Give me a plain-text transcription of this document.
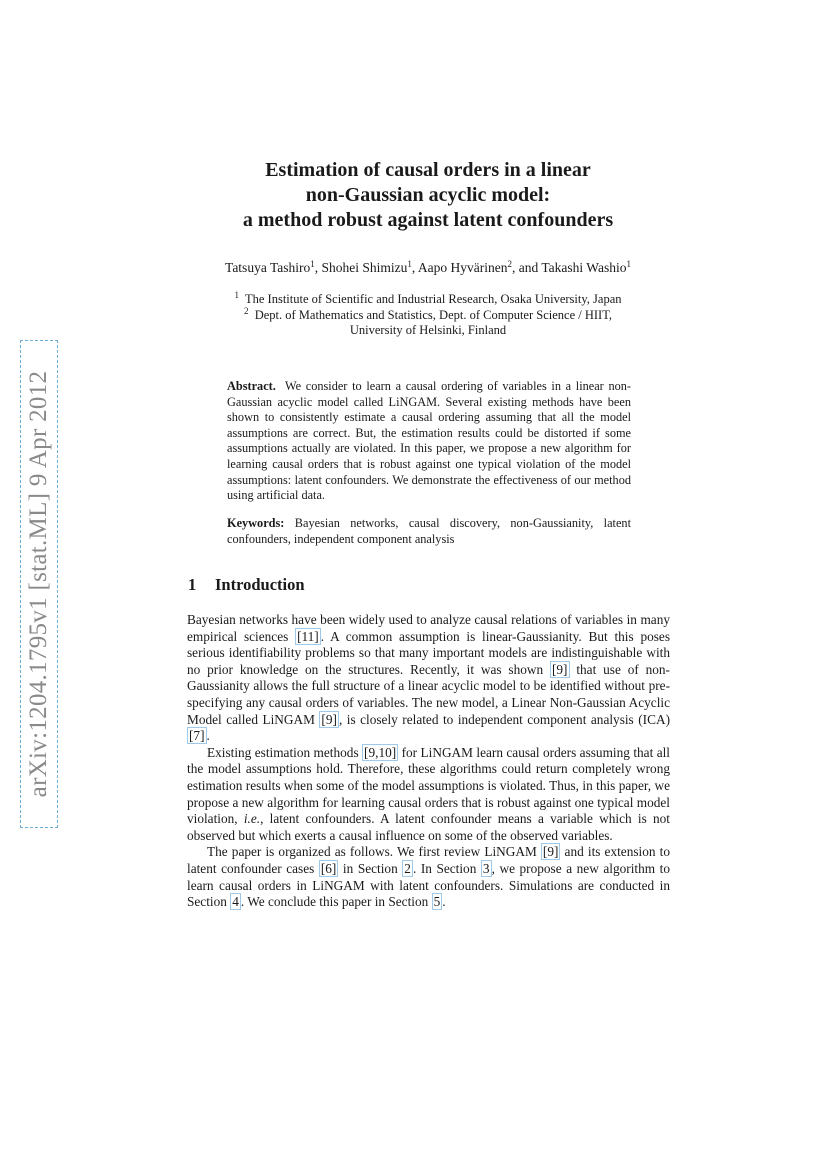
arXiv:1204.1795v1 [stat.ML] 9 Apr 2012
Estimation of causal orders in a linear
non-Gaussian acyclic model:
a method robust against latent confounders
Tatsuya Tashiro$^1$, Shohei Shimizu$^1$, Aapo Hyvärinen$^2$, and Takashi Washio$^1$
$^1$ The Institute of Scientific and Industrial Research, Osaka University, Japan
$^2$ Dept. of Mathematics and Statistics, Dept. of Computer Science / HIIT,
University of Helsinki, Finland

Abstract. We consider to learn a causal ordering of variables in a linear non-Gaussian acyclic model called LiNGAM. Several existing methods have been shown to consistently estimate a causal ordering assuming that all the model assumptions are correct. But, the estimation results could be distorted if some assumptions actually are violated. In this paper, we propose a new algorithm for learning causal orders that is robust against one typical violation of the model assumptions: latent confounders. We demonstrate the effectiveness of our method using artificial data.

Keywords: Bayesian networks, causal discovery, non-Gaussianity, latent confounders, independent component analysis

1 Introduction

Bayesian networks have been widely used to analyze causal relations of variables in many empirical sciences [11] . A common assumption is linear-Gaussianity. But this poses serious identifiability problems so that many important models are indistinguishable with no prior knowledge on the structures. Recently, it was shown [9] that use of non-Gaussianity allows the full structure of a linear acyclic model to be identified without pre-specifying any causal orders of variables. The new model, a Linear Non-Gaussian Acyclic Model called LiNGAM [9] , is closely related to independent component analysis (ICA) [7] .

Existing estimation methods [9,10] for LiNGAM learn causal orders assuming that all the model assumptions hold. Therefore, these algorithms could return completely wrong estimation results when some of the model assumptions is violated. Thus, in this paper, we propose a new algorithm for learning causal orders that is robust against one typical model violation, i.e., latent confounders. A latent confounder means a variable which is not observed but which exerts a causal influence on some of the observed variables.

The paper is organized as follows. We first review LiNGAM [9] and its extension to latent confounder cases [6] in Section 2 . In Section 3 , we propose a new algorithm to learn causal orders in LiNGAM with latent confounders. Simulations are conducted in Section 4 . We conclude this paper in Section 5 .
